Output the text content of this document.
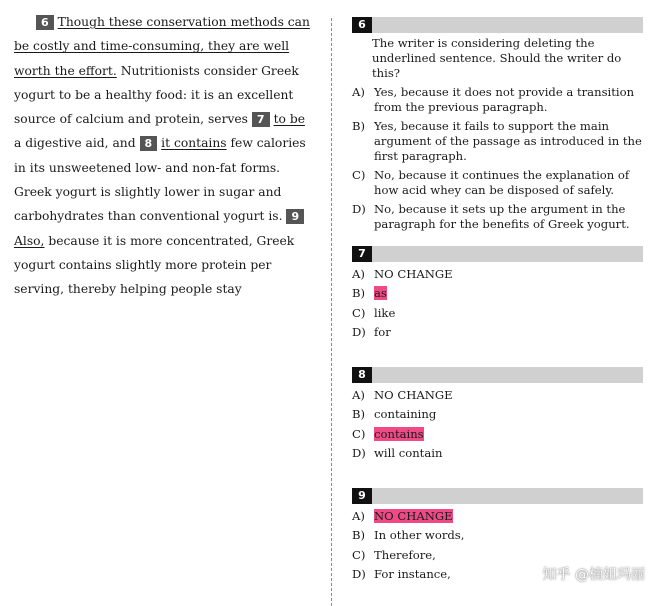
6 Though these conservation methods can be costly and time-consuming, they are well worth the effort. Nutritionists consider Greek yogurt to be a healthy food: it is an excellent source of calcium and protein, serves 7 to be a digestive aid, and 8 it contains few calories in its unsweetened low- and non-fat forms. Greek yogurt is slightly lower in sugar and carbohydrates than conventional yogurt is. 9Also, because it is more concentrated, Greek yogurt contains slightly more protein per serving, thereby helping people stay

6
The writer is considering deleting the underlined sentence. Should the writer do this?
A) Yes, because it does not provide a transition from the previous paragraph.
B) Yes, because it fails to support the main argument of the passage as introduced in the first paragraph.
C) No, because it continues the explanation of how acid whey can be disposed of safely.
D) No, because it sets up the argument in the paragraph for the benefits of Greek yogurt.
7
A) NO CHANGE
B) as
C) like
D) for
8
A) NO CHANGE
B) containing
C) contains
D) will contain
9
A) NO CHANGE
B) In other words,
C) Therefore,
D) For instance,	知乎 @楠姐玛丽
